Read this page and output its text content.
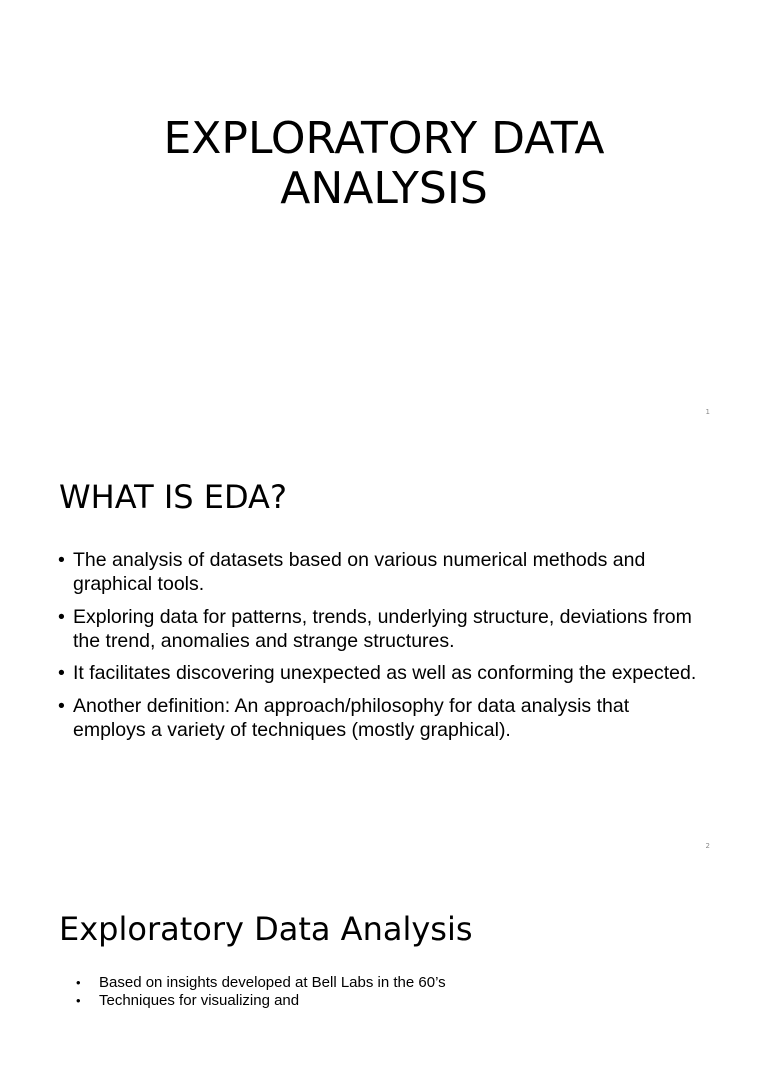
EXPLORATORY DATA
ANALYSIS
1
WHAT IS EDA?
• The analysis of datasets based on various numerical methods and graphical tools.
• Exploring data for patterns, trends, underlying structure, deviations from the trend, anomalies and strange structures.
• It facilitates discovering unexpected as well as conforming the expected.
• Another definition: An approach/philosophy for data analysis that employs a variety of techniques (mostly graphical).
2
Exploratory Data Analysis
• Based on insights developed at Bell Labs in the 60’s
• Techniques for visualizing and
